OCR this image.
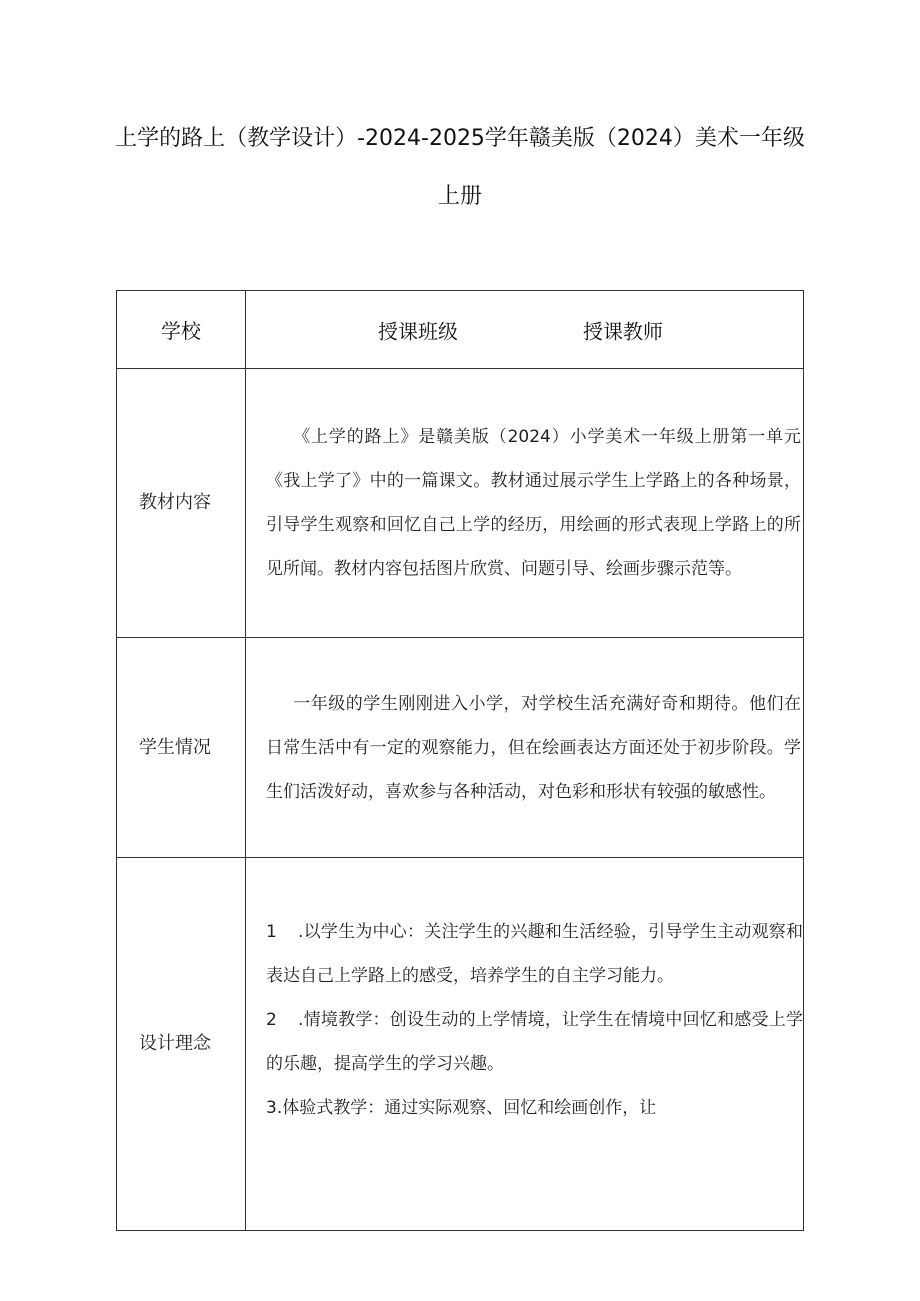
上学的路上（教学设计）-2024-2025学年赣美版（2024）美术一年级
上册
学校	授课班级 授课教师

教材内容	《上学的路上》是赣美版（2024）小学美术一年级上册第一单元《我上学了》中的一篇课文。教材通过展示学生上学路上的各种场景，引导学生观察和回忆自己上学的经历，用绘画的形式表现上学路上的所见所闻。教材内容包括图片欣赏、问题引导、绘画步骤示范等。

学生情况	一年级的学生刚刚进入小学，对学校生活充满好奇和期待。他们在日常生活中有一定的观察能力，但在绘画表达方面还处于初步阶段。学生们活泼好动，喜欢参与各种活动，对色彩和形状有较强的敏感性。

设计理念	1 .以学生为中心：关注学生的兴趣和生活经验，引导学生主动观察和表达自己上学路上的感受，培养学生的自主学习能力。

2 .情境教学：创设生动的上学情境，让学生在情境中回忆和感受上学的乐趣，提高学生的学习兴趣。

3.体验式教学：通过实际观察、回忆和绘画创作，让
